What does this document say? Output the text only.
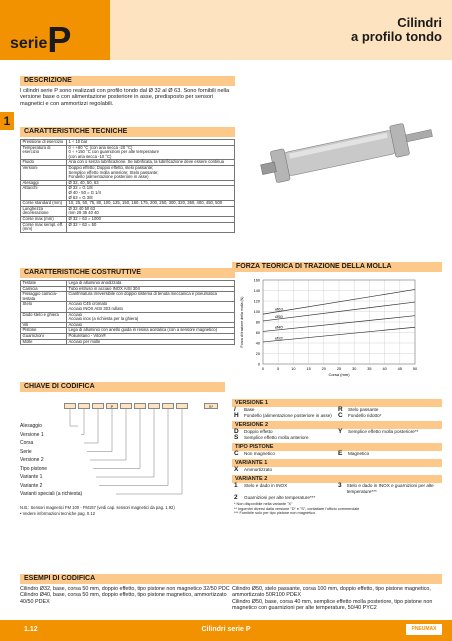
serieP	Cilindri
a profilo tondo
1
DESCRIZIONE
I cilindri serie P sono realizzati con profilo tondo dal Ø 32 al Ø 63. Sono fornibili nella versione base o con alimentazione posteriore in asse, predisposto per sensori magnetici e con ammortizzi regolabili.
CARATTERISTICHE TECNICHE
Pressione di esercizio	1 ÷ 10 bar
Temperatura di esercizio	0 ÷ +80 °C (con aria secca -20 °C)
0 ÷ +150 °C con guarnizioni per alte temperature
(con aria secca -10 °C)
Fluido	Aria con o senza lubrificazione. Se lubrificata, la lubrificazione deve essere continua
Versioni	Doppio effetto; Doppio effetto, stelo passante;
Semplice effetto molla anteriore; Stelo passante;
Fondello (alimentazione posteriore in asse)
Alesaggi	Ø 32, 40, 50, 63
Attacchi	Ø 32 = G 1/8
Ø 40 - 50 = G 1/4
Ø 63 = G 3/8
Corse standard (mm)	10, 25, 50, 75, 80, 100, 125, 150, 160, 175, 200, 250, 300, 320, 350, 400, 450, 500
Lunghezza decelerazione	Ø 32 40 50 63
mm 29 35 40 40
Corse max (mm)	Ø 32 ÷ 63 = 1000
Corse max sempl. eff. (mm)	Ø 32 ÷ 63 = 50
CARATTERISTICHE COSTRUTTIVE
Testate	Lega di alluminio anodizzata
Camicia	Tubo estruso in acciaio INOX AISI 304
Fissaggio camicia-testata	Cianfrinatura irreversibile con doppio sistema di tenuta meccanica e pneumatica
Stelo	Acciaio C45 cromato
Acciaio INOX AISI 303 rullato
Dado stelo e ghiera	Acciaio
Acciaio inox (a richiesta per la ghiera)
Viti	Acciaio
Pistone	Lega di alluminio con anello guida in resina acetalica (con a sensore magnetico)
Guarnizioni	Poliuretano - Viton®
Molle	Acciaio per molle
FORZA TEORICA DI TRAZIONE DELLA MOLLA
0	5	10	15	20	25	30	35	40	45	50
0
20
40
60
80
100
120
140
160
Ø63
Ø50
Ø40
Ø32
Corsa (mm)
Forza di trazione della molla (N)
CHIAVE DI CODIFICA
P	S*
Alesaggio
Versione 1
Corsa
Serie
Versione 2
Tipo pistone
Variante 1
Variante 2
Varianti speciali (a richiesta)
N.B.: Sensori magnetici FM 100 - FM157 (vedi cap. sensori magnetici da pag. 1.92)
• Vedere informazioni tecniche pag. 0.12
VERSIONE 1
/	Base	R	Stelo passante
H	Fondello (alimentazione posteriore in asse) C	Fondello ridotto*
VERSIONE 2
D	Doppio effetto	Y	Semplice effetto molla posteriore**
S	Semplice effetto molla anteriore
TIPO PISTONE
C	Non magnetico	E	Magnetico
VARIANTE 1
X	Ammortizzato
VARIANTE 2
1	Stelo e dado in INOX	3	Stelo e dado in INOX e guarnizioni per alte temperature***
2	Guarnizioni per alte temperature***
* Non disponibile nella variante "X"
** Ingombri diversi dalla versione "D" e "S", contattare l'ufficio commerciale
*** Fornibile solo per tipo pistone non magnetico
ESEMPI DI CODIFICA
Cilindro Ø32, base, corsa 50 mm, doppio effetto, tipo pistone non magnetico 32/50 PDC
Cilindro Ø40, base, corsa 50 mm, doppio effetto, tipo pistone magnetico, ammortizzato 40/50 PDEX
Cilindro Ø50, stelo passante, corsa 100 mm, doppio effetto, tipo pistone magnetico, ammortizzato 50R100 PDEX
Cilindro Ø50, base, corsa 40 mm, semplice effetto molla posteriore, tipo pistone non magnetico con guarnizioni per alte temperature, 50/40 PYC2
1.12	Cilindri serie P	PNEUMAX
